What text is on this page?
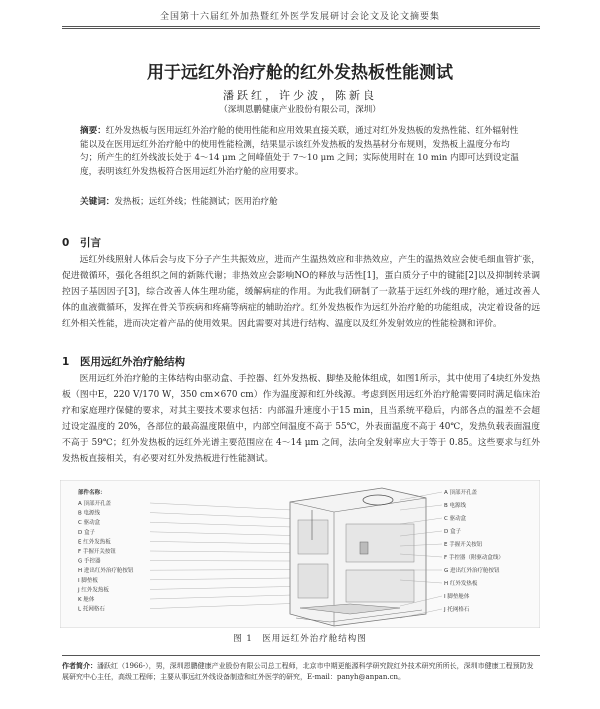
全国第十六届红外加热暨红外医学发展研讨会论文及论文摘要集
用于远红外治疗舱的红外发热板性能测试
潘跃红，许少波，陈新良
（深圳恩鹏健康产业股份有限公司，深圳）
摘要：红外发热板与医用远红外治疗舱的使用性能和应用效果直接关联，通过对红外发热板的发热性能、红外辐射性能以及在医用远红外治疗舱中的使用性能检测，结果显示该红外发热板的发热基材分布规则，发热板上温度分布均匀；所产生的红外线波长处于 4～14 μm 之间峰值处于 7～10 μm 之间；实际使用时在 10 min 内即可达到设定温度，表明该红外发热板符合医用远红外治疗舱的应用要求。
关键词：发热板；远红外线；性能测试；医用治疗舱
0 引言
远红外线照射人体后会与皮下分子产生共振效应，进而产生温热效应和非热效应，产生的温热效应会使毛细血管扩张，促进微循环，强化各组织之间的新陈代谢；非热效应会影响NO的释放与活性[1]，蛋白质分子中的键能[2]以及抑制转录调控因子基因因子[3]，综合改善人体生理功能，缓解病症的作用。为此我们研制了一款基于远红外线的理疗舱，通过改善人体的血液微循环，发挥在骨关节疾病和疼痛等病症的辅助治疗。红外发热板作为远红外治疗舱的功能组成，决定着设备的远红外相关性能，进而决定着产品的使用效果。因此需要对其进行结构、温度以及红外发射效应的性能检测和评价。
1 医用远红外治疗舱结构
医用远红外治疗舱的主体结构由驱动盒、手控器、红外发热板、脚垫及舱体组成，如图1所示，其中使用了4块红外发热板（图中E，220 V/170 W，350 cm×670 cm）作为温度源和红外线源。考虑到医用远红外治疗舱需要同时满足临床治疗和家庭理疗保健的要求，对其主要技术要求包括：内部温升速度小于15 min，且当系统平稳后，内部各点的温差不会超过设定温度的 20%，各部位的最高温度限值中，内部空间温度不高于 55℃，外表面温度不高于 40℃，发热负载表面温度不高于 59℃；红外发热板的远红外光谱主要范围应在 4～14 μm 之间，法向全发射率应大于等于 0.85。这些要求与红外发热板直接相关，有必要对红外发热板进行性能测试。
部件名称：
A 顶部开孔盖
B 电源线
C 驱动盒
D 盒子
E 红外发热板
F 手握开关按钮
G 手控器
H 进出红外治疗舱按钮
I 脚垫板
J 红外发热板
K 舱体
L 托网格石
A 顶部开孔盖
B 电源线
C 驱动盒
D 盒子
E 手握开关按钮
F 手控器（附驱动盒线）
G 进出红外治疗舱按钮
H 红外发热板
I 脚垫舱体
J 托网格石
图 1　医用远红外治疗舱结构图
作者简介：潘跃红（1966-），男，深圳恩鹏健康产业股份有限公司总工程师，北京市中期更能源科学研究院红外技术研究所所长，深圳市健康工程预防发展研究中心主任，高级工程师；主要从事远红外线设备制造和红外医学的研究，E-mail：panyh@anpan.cn。
